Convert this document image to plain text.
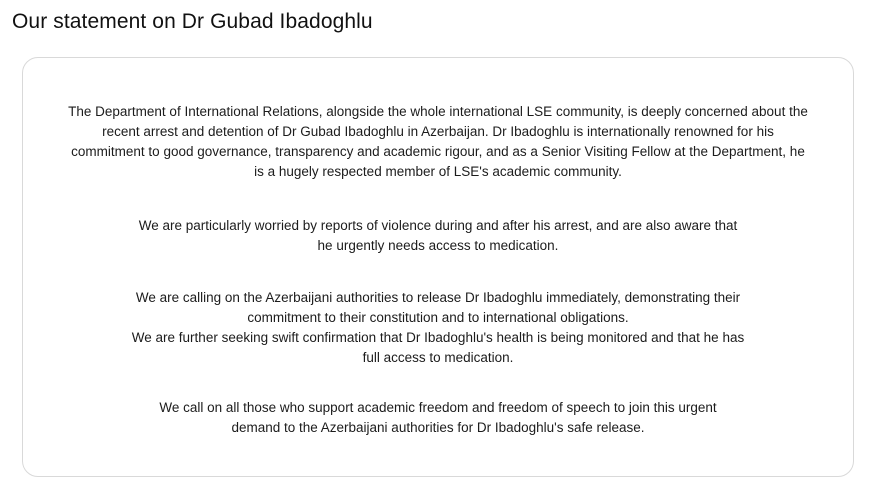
Our statement on Dr Gubad Ibadoghlu

The Department of International Relations, alongside the whole international LSE community, is deeply concerned about the recent arrest and detention of Dr Gubad Ibadoghlu in Azerbaijan. Dr Ibadoghlu is internationally renowned for his commitment to good governance, transparency and academic rigour, and as a Senior Visiting Fellow at the Department, he is a hugely respected member of LSE's academic community.

We are particularly worried by reports of violence during and after his arrest, and are also aware that he urgently needs access to medication.

We are calling on the Azerbaijani authorities to release Dr Ibadoghlu immediately, demonstrating their commitment to their constitution and to international obligations.
We are further seeking swift confirmation that Dr Ibadoghlu's health is being monitored and that he has full access to medication.

We call on all those who support academic freedom and freedom of speech to join this urgent demand to the Azerbaijani authorities for Dr Ibadoghlu's safe release.
